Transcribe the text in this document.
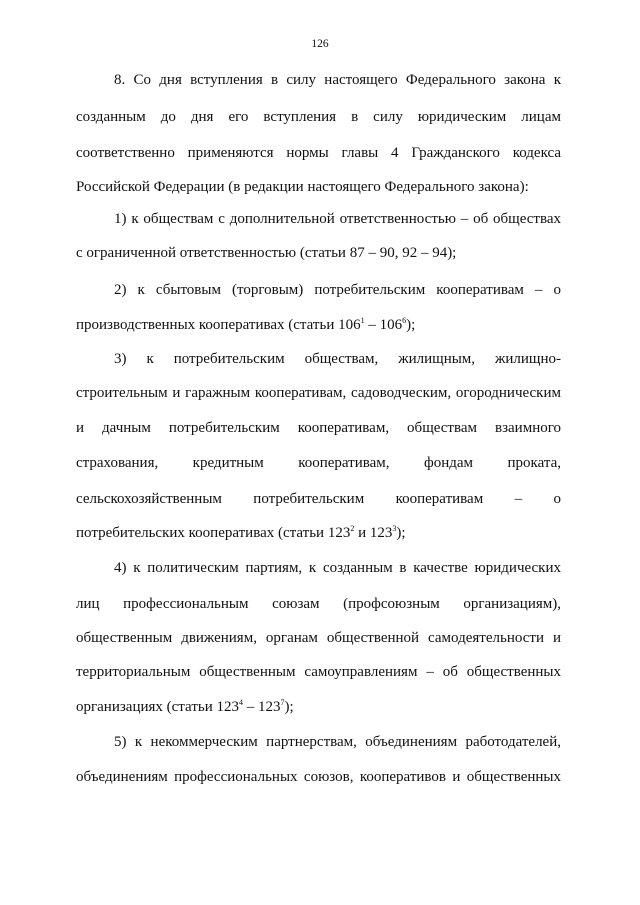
126
8. Со дня вступления в силу настоящего Федерального закона к
созданным до дня его вступления в силу юридическим лицам
соответственно применяются нормы главы 4 Гражданского кодекса
Российской Федерации (в редакции настоящего Федерального закона):
1) к обществам с дополнительной ответственностью – об обществах
с ограниченной ответственностью (статьи 87 – 90, 92 – 94);
2) к сбытовым (торговым) потребительским кооперативам – о
производственных кооперативах (статьи $106^1 - 106^6$);
3) к потребительским обществам, жилищным, жилищно-
строительным и гаражным кооперативам, садоводческим, огородническим
и дачным потребительским кооперативам, обществам взаимного
страхования, кредитным кооперативам, фондам проката,
сельскохозяйственным потребительским кооперативам – о
потребительских кооперативах (статьи $123^2$ и $123^3$);
4) к политическим партиям, к созданным в качестве юридических
лиц профессиональным союзам (профсоюзным организациям),
общественным движениям, органам общественной самодеятельности и
территориальным общественным самоуправлениям – об общественных
организациях (статьи $123^4 - 123^7$);
5) к некоммерческим партнерствам, объединениям работодателей,
объединениям профессиональных союзов, кооперативов и общественных
